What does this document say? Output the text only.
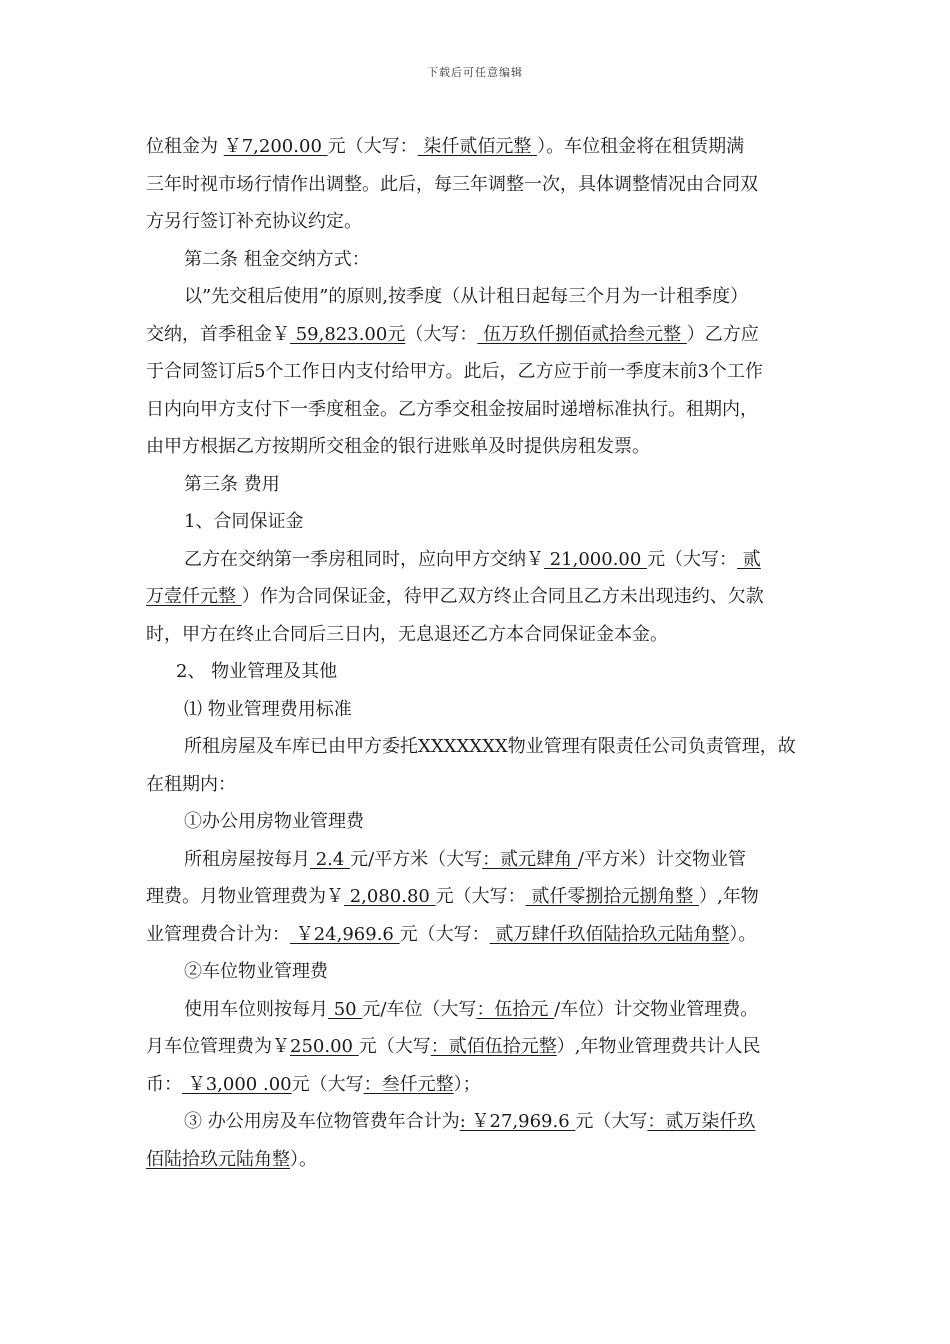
下载后可任意编辑
位租金为 ￥7,200.00 元（大写： 柒仟贰佰元整 ）。车位租金将在租赁期满
三年时视市场行情作出调整。此后，每三年调整一次，具体调整情况由合同双
方另行签订补充协议约定。
第二条 租金交纳方式：
以”先交租后使用”的原则,按季度（从计租日起每三个月为一计租季度）
交纳，首季租金￥ 59,823.00元（大写： 伍万玖仟捌佰贰拾叁元整 ）乙方应
于合同签订后5个工作日内支付给甲方。此后，乙方应于前一季度末前3个工作
日内向甲方支付下一季度租金。乙方季交租金按届时递增标准执行。租期内，
由甲方根据乙方按期所交租金的银行进账单及时提供房租发票。
第三条 费用
1、合同保证金
乙方在交纳第一季房租同时，应向甲方交纳￥ 21,000.00 元（大写： 贰
万壹仟元整 ）作为合同保证金，待甲乙双方终止合同且乙方未出现违约、欠款
时，甲方在终止合同后三日内，无息退还乙方本合同保证金本金。
2、 物业管理及其他
⑴ 物业管理费用标准
所租房屋及车库已由甲方委托XXXXXXX物业管理有限责任公司负责管理，故
在租期内：
①办公用房物业管理费
所租房屋按每月 2.4 元/平方米（大写：贰元肆角 /平方米）计交物业管
理费。月物业管理费为￥ 2,080.80 元（大写： 贰仟零捌拾元捌角整 ）,年物
业管理费合计为： ￥24,969.6 元（大写： 贰万肆仟玖佰陆拾玖元陆角整）。
②车位物业管理费
使用车位则按每月 50 元/车位（大写：伍拾元 /车位）计交物业管理费。
月车位管理费为￥250.00 元（大写：贰佰伍拾元整）,年物业管理费共计人民
币： ￥3,000 .00元（大写：叁仟元整）；
③ 办公用房及车位物管费年合计为: ￥27,969.6 元（大写：贰万柒仟玖
佰陆拾玖元陆角整）。
